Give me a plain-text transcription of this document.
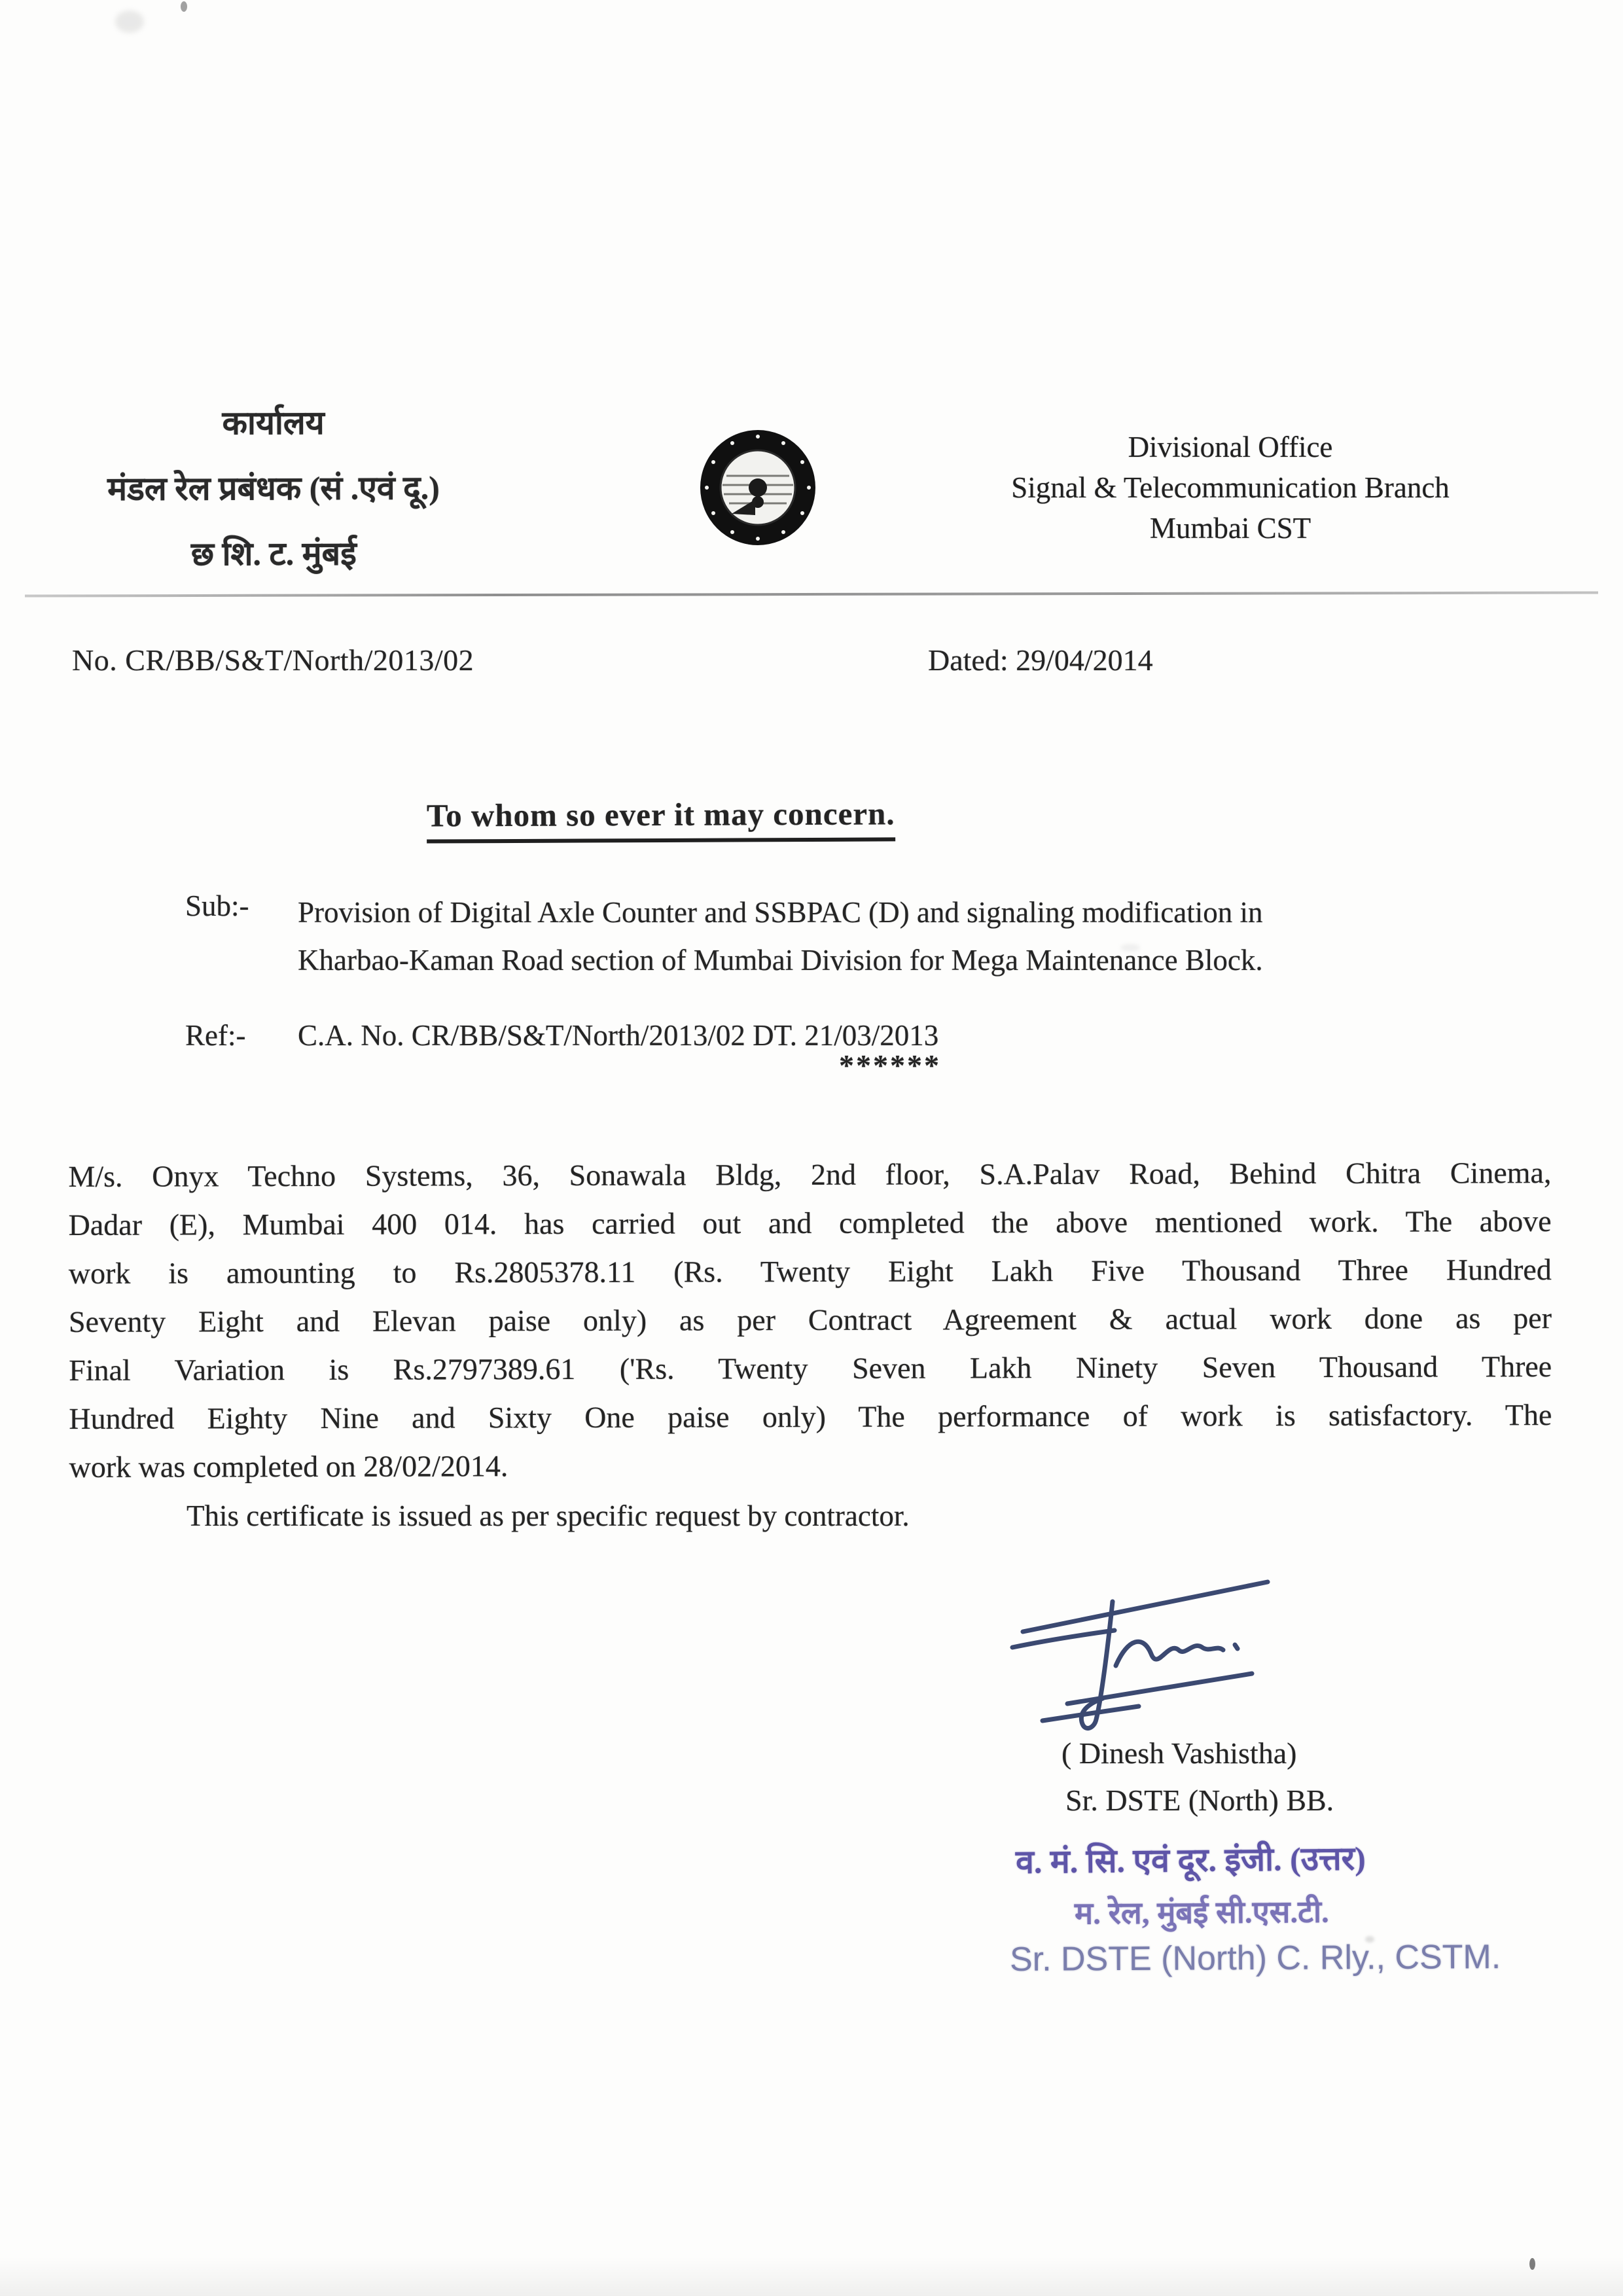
कार्यालय
मंडल रेल प्रबंधक (सं .एवं दू.)
छ शि. ट. मुंबई
Divisional Office
Signal & Telecommunication Branch
Mumbai CST
No. CR/BB/S&T/North/2013/02	Dated: 29/04/2014
To whom so ever it may concern.
Sub:- Provision of Digital Axle Counter and SSBPAC (D) and signaling modification in
Kharbao-Kaman Road section of Mumbai Division for Mega Maintenance Block.
Ref:- C.A. No. CR/BB/S&T/North/2013/02 DT. 21/03/2013
******
M/s. Onyx Techno Systems, 36, Sonawala Bldg, 2nd floor, S.A.Palav Road, Behind Chitra Cinema,
Dadar (E), Mumbai 400 014. has carried out and completed the above mentioned work. The above
work is amounting to Rs.2805378.11 (Rs. Twenty Eight Lakh Five Thousand Three Hundred
Seventy Eight and Elevan paise only) as per Contract Agreement & actual work done as per
Final Variation is Rs.2797389.61 ('Rs. Twenty Seven Lakh Ninety Seven Thousand Three
Hundred Eighty Nine and Sixty One paise only) The performance of work is satisfactory. The
work was completed on 28/02/2014.
This certificate is issued as per specific request by contractor.
( Dinesh Vashistha)
Sr. DSTE (North) BB.
व. मं. सि. एवं दूर. इंजी. (उत्तर)
म. रेल, मुंबई सी.एस.टी.
Sr. DSTE (North) C. Rly., CSTM.
